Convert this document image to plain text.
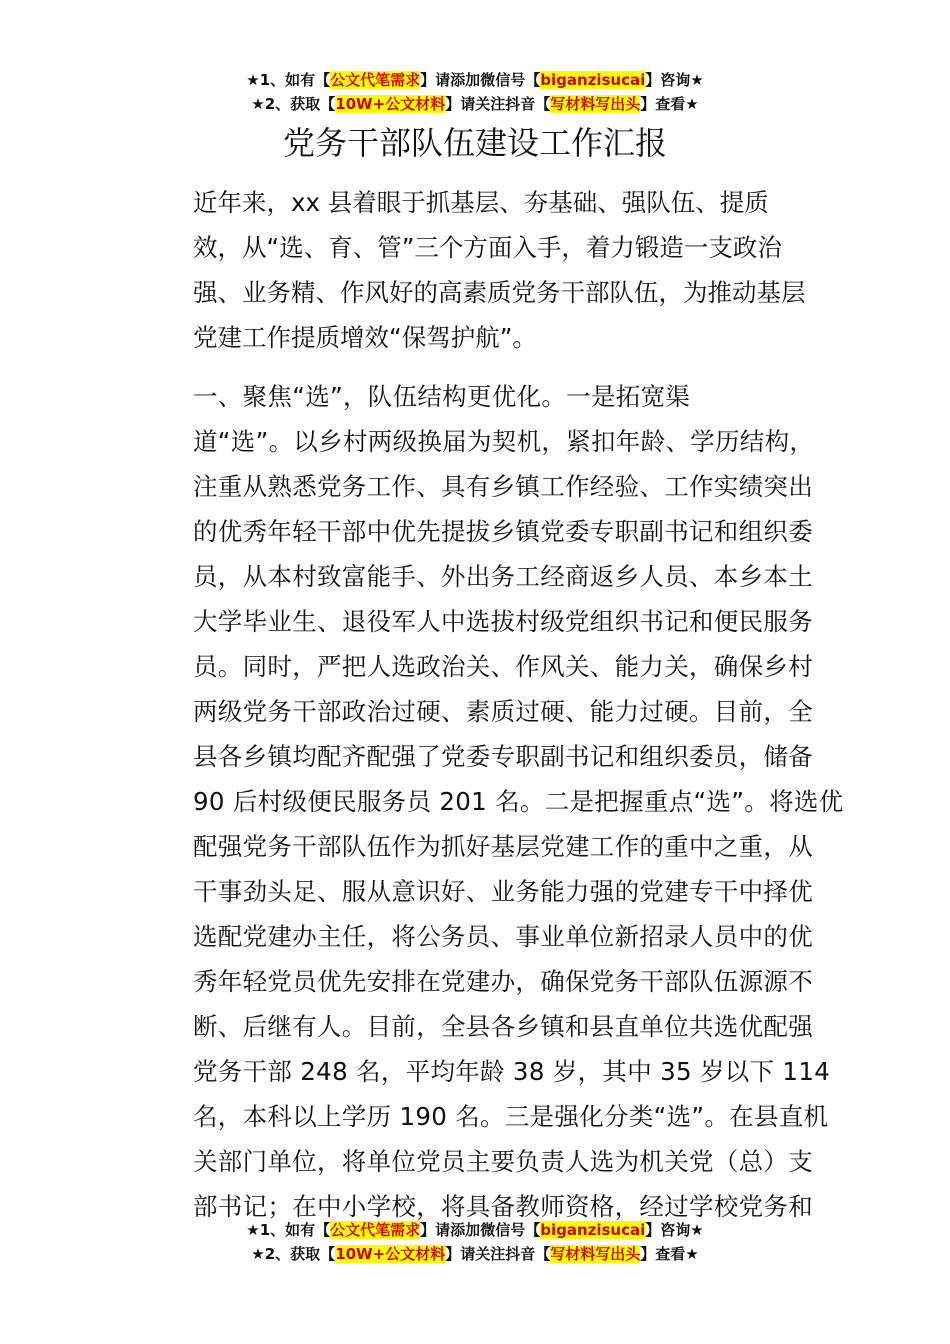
★1、如有【公文代笔需求】请添加微信号【biganzisucai】咨询★
★2、获取【10W+公文材料】请关注抖音【写材料写出头】查看★
党务干部队伍建设工作汇报

近年来，xx 县着眼于抓基层、夯基础、强队伍、提质
效，从“选、育、管”三个方面入手，着力锻造一支政治
强、业务精、作风好的高素质党务干部队伍，为推动基层
党建工作提质增效“保驾护航”。

一、聚焦“选”，队伍结构更优化。一是拓宽渠
道“选”。以乡村两级换届为契机，紧扣年龄、学历结构，
注重从熟悉党务工作、具有乡镇工作经验、工作实绩突出
的优秀年轻干部中优先提拔乡镇党委专职副书记和组织委
员，从本村致富能手、外出务工经商返乡人员、本乡本土
大学毕业生、退役军人中选拔村级党组织书记和便民服务
员。同时，严把人选政治关、作风关、能力关，确保乡村
两级党务干部政治过硬、素质过硬、能力过硬。目前，全
县各乡镇均配齐配强了党委专职副书记和组织委员，储备
90 后村级便民服务员 201 名。二是把握重点“选”。将选优
配强党务干部队伍作为抓好基层党建工作的重中之重，从
干事劲头足、服从意识好、业务能力强的党建专干中择优
选配党建办主任，将公务员、事业单位新招录人员中的优
秀年轻党员优先安排在党建办，确保党务干部队伍源源不
断、后继有人。目前，全县各乡镇和县直单位共选优配强
党务干部 248 名，平均年龄 38 岁，其中 35 岁以下 114
名，本科以上学历 190 名。三是强化分类“选”。在县直机
关部门单位，将单位党员主要负责人选为机关党（总）支
部书记；在中小学校，将具备教师资格，经过学校党务和

★1、如有【公文代笔需求】请添加微信号【biganzisucai】咨询★
★2、获取【10W+公文材料】请关注抖音【写材料写出头】查看★
